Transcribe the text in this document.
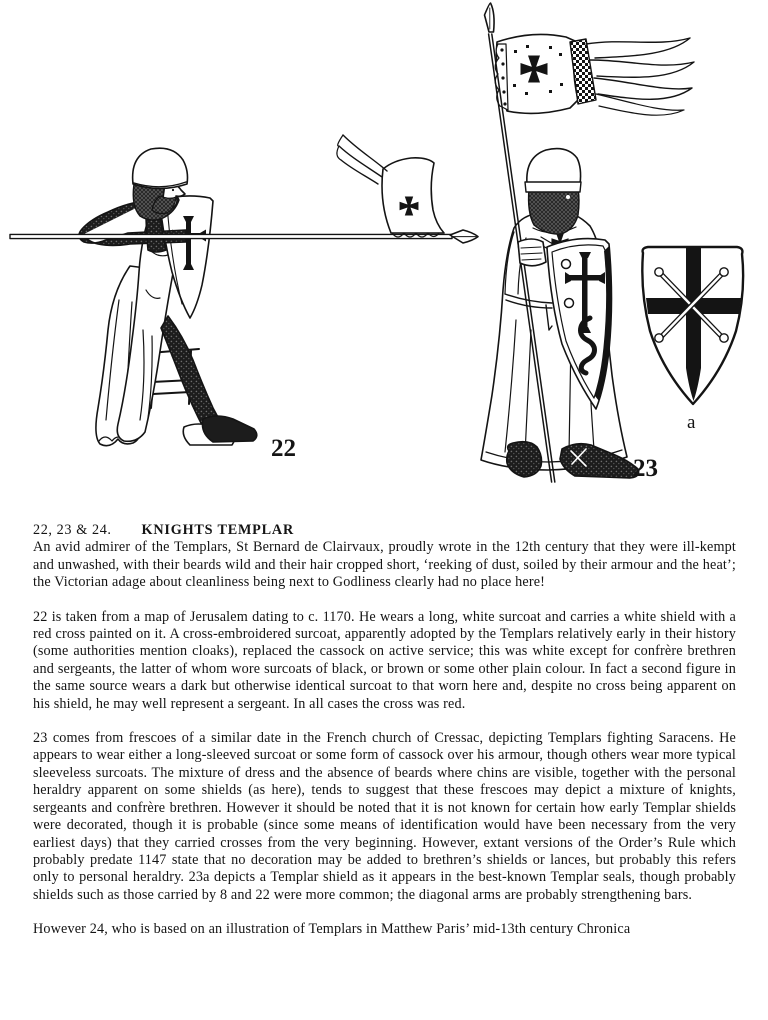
22
23
a
22, 23 & 24. KNIGHTS TEMPLAR

An avid admirer of the Templars, St Bernard de Clairvaux, proudly wrote in the 12th century that they were ill-kempt and unwashed, with their beards wild and their hair cropped short, ‘reeking of dust, soiled by their armour and the heat’; the Victorian adage about cleanliness being next to Godliness clearly had no place here!

22 is taken from a map of Jerusalem dating to c. 1170. He wears a long, white surcoat and carries a white shield with a red cross painted on it. A cross-embroidered surcoat, apparently adopted by the Templars relatively early in their history (some authorities mention cloaks), replaced the cassock on active service; this was white except for confrère brethren and sergeants, the latter of whom wore surcoats of black, or brown or some other plain colour. In fact a second figure in the same source wears a dark but otherwise identical surcoat to that worn here and, despite no cross being apparent on his shield, he may well represent a sergeant. In all cases the cross was red.

23 comes from frescoes of a similar date in the French church of Cressac, depicting Templars fighting Saracens. He appears to wear either a long-sleeved surcoat or some form of cassock over his armour, though others wear more typical sleeveless surcoats. The mixture of dress and the absence of beards where chins are visible, together with the personal heraldry apparent on some shields (as here), tends to suggest that these frescoes may depict a mixture of knights, sergeants and confrère brethren. However it should be noted that it is not known for certain how early Templar shields were decorated, though it is probable (since some means of identification would have been necessary from the very earliest days) that they carried crosses from the very beginning. However, extant versions of the Order’s Rule which probably predate 1147 state that no decoration may be added to brethren’s shields or lances, but probably this refers only to personal heraldry. 23a depicts a Templar shield as it appears in the best-known Templar seals, though probably shields such as those carried by 8 and 22 were more common; the diagonal arms are probably strengthening bars.

However 24, who is based on an illustration of Templars in Matthew Paris’ mid-13th century Chronica
